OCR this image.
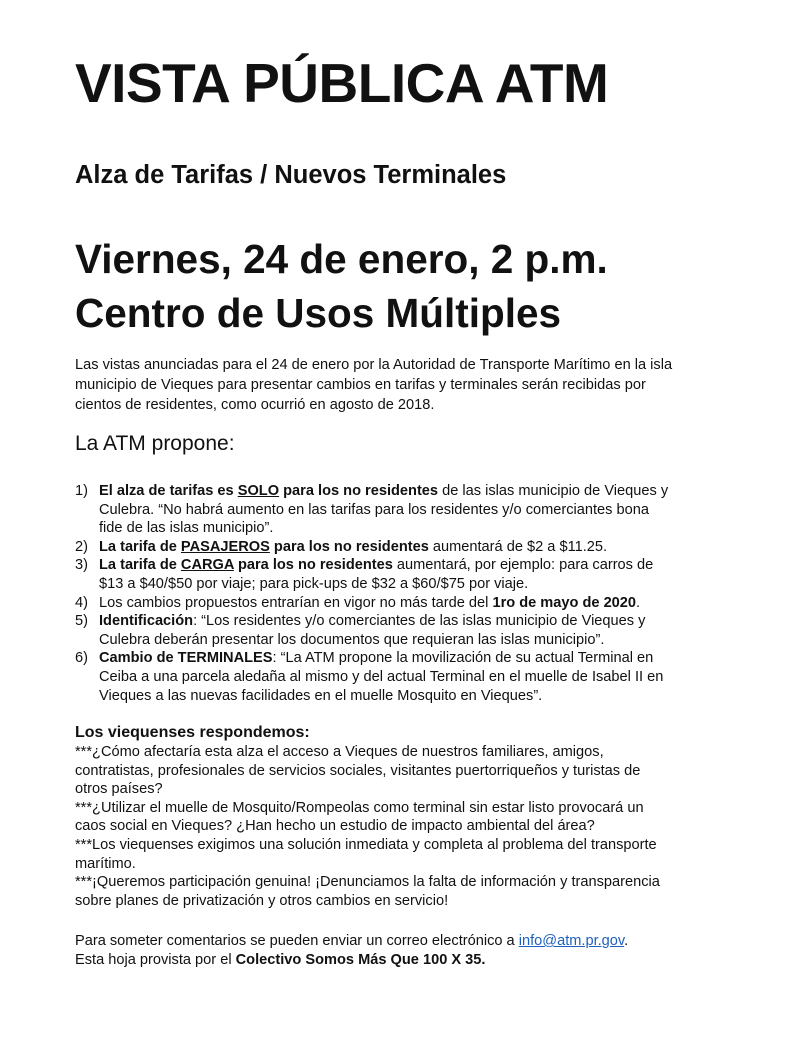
VISTA PÚBLICA ATM
Alza de Tarifas / Nuevos Terminales
Viernes, 24 de enero, 2 p.m.
Centro de Usos Múltiples

Las vistas anunciadas para el 24 de enero por la Autoridad de Transporte Marítimo en la isla
municipio de Vieques para presentar cambios en tarifas y terminales serán recibidas por
cientos de residentes, como ocurrió en agosto de 2018.

La ATM propone:
1) El alza de tarifas es SOLO para los no residentes de las islas municipio de Vieques y
Culebra. “No habrá aumento en las tarifas para los residentes y/o comerciantes bona
fide de las islas municipio”.
2) La tarifa de PASAJEROS para los no residentes aumentará de $2 a $11.25.
3) La tarifa de CARGA para los no residentes aumentará, por ejemplo: para carros de
$13 a $40/$50 por viaje; para pick-ups de $32 a $60/$75 por viaje.
4) Los cambios propuestos entrarían en vigor no más tarde del 1ro de mayo de 2020.
5) Identificación: “Los residentes y/o comerciantes de las islas municipio de Vieques y
Culebra deberán presentar los documentos que requieran las islas municipio”.
6) Cambio de TERMINALES: “La ATM propone la movilización de su actual Terminal en
Ceiba a una parcela aledaña al mismo y del actual Terminal en el muelle de Isabel II en
Vieques a las nuevas facilidades en el muelle Mosquito en Vieques”.
Los viequenses respondemos:
***¿Cómo afectaría esta alza el acceso a Vieques de nuestros familiares, amigos,
contratistas, profesionales de servicios sociales, visitantes puertorriqueños y turistas de
otros países?
***¿Utilizar el muelle de Mosquito/Rompeolas como terminal sin estar listo provocará un
caos social en Vieques? ¿Han hecho un estudio de impacto ambiental del área?
***Los viequenses exigimos una solución inmediata y completa al problema del transporte
marítimo.
***¡Queremos participación genuina! ¡Denunciamos la falta de información y transparencia
sobre planes de privatización y otros cambios en servicio!
Para someter comentarios se pueden enviar un correo electrónico a info@atm.pr.gov.
Esta hoja provista por el Colectivo Somos Más Que 100 X 35.
